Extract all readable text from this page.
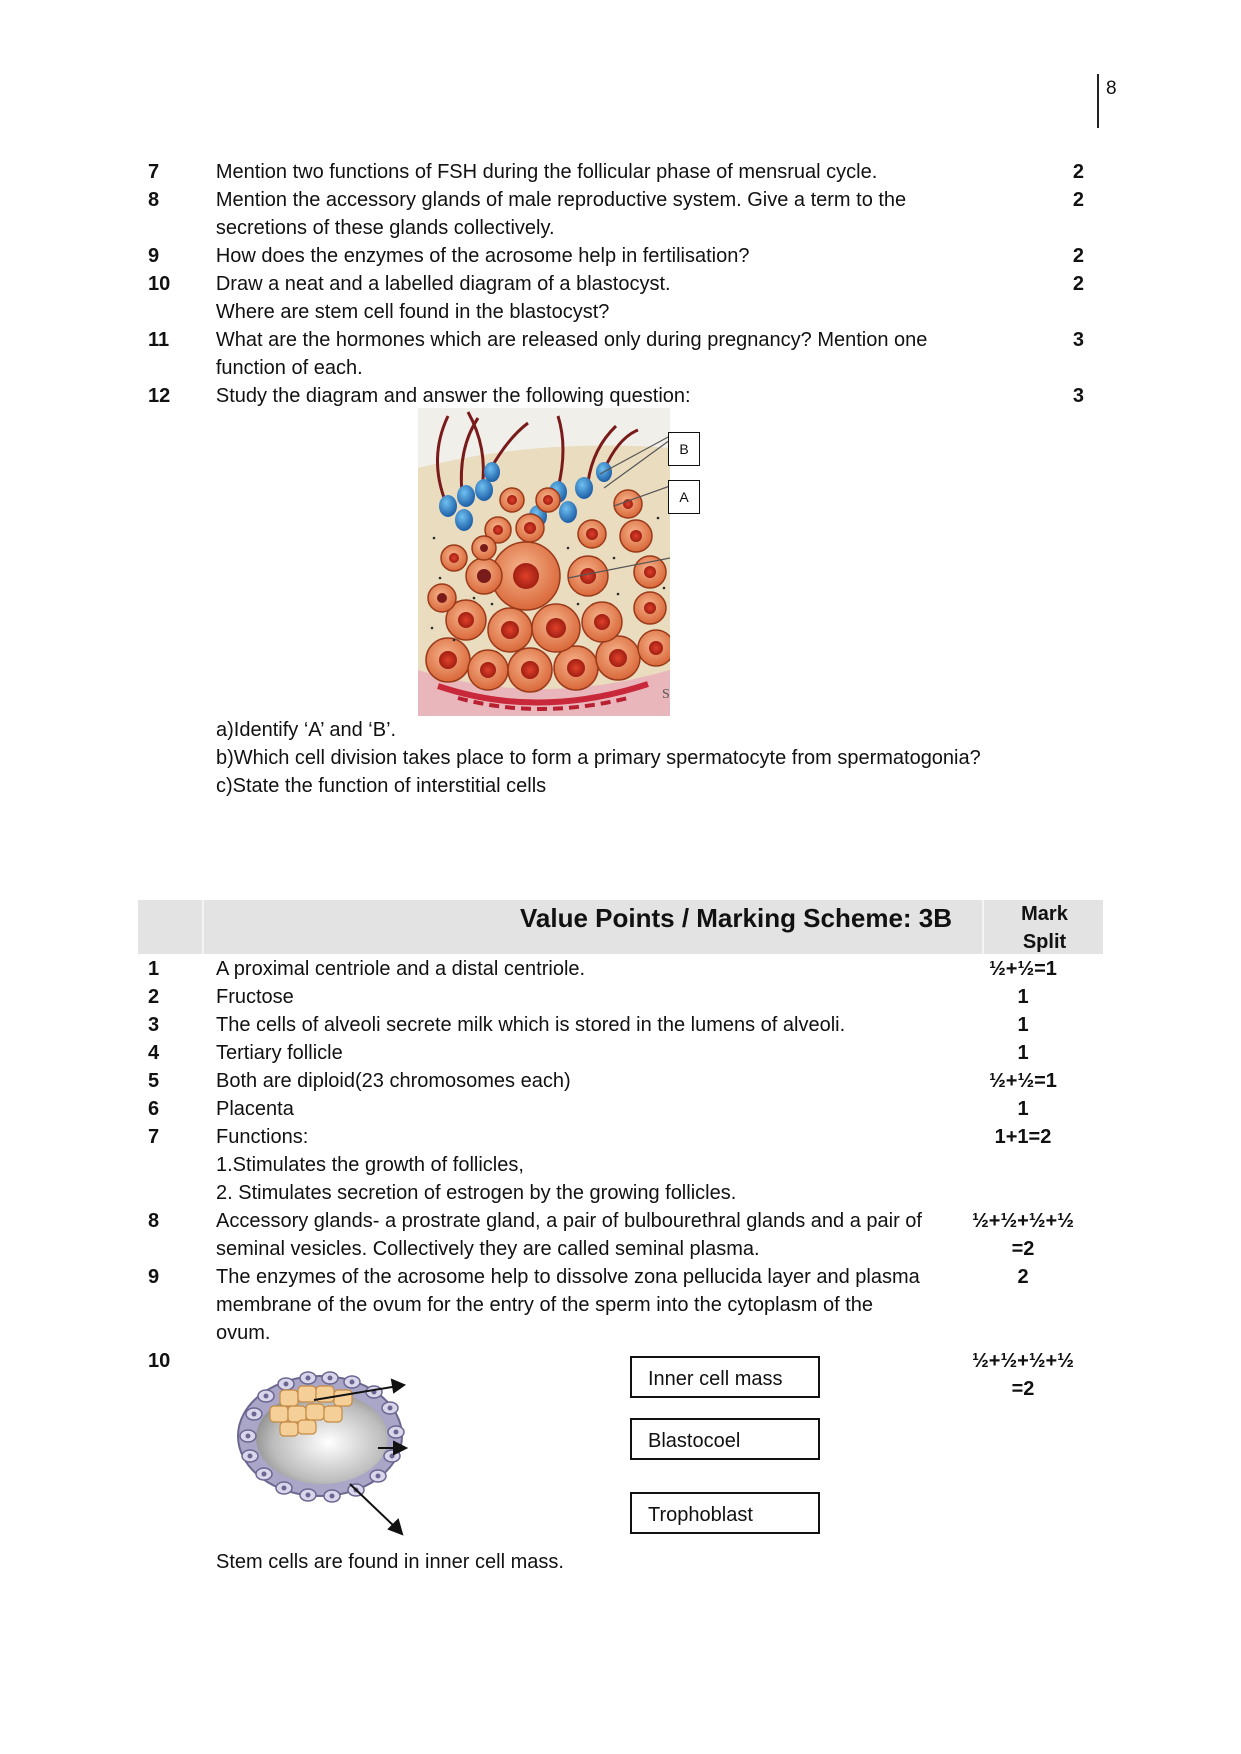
8
7	Mention two functions of FSH during the follicular phase of mensrual cycle.	2
8	Mention the accessory glands of male reproductive system. Give a term to the
secretions of these glands collectively.
2
9	How does the enzymes of the acrosome help in fertilisation?	2
10	Draw a neat and a labelled diagram of a blastocyst.
Where are stem cell found in the blastocyst?
2
11	What are the hormones which are released only during pregnancy? Mention one
function of each.
3
12	Study the diagram and answer the following question:	3
S
B
A
a)Identify ‘A’ and ‘B’.
b)Which cell division takes place to form a primary spermatocyte from spermatogonia?
c)State the function of interstitial cells
Value Points / Marking Scheme: 3B	Mark
Split
1	A proximal centriole and a distal centriole.	½+½=1
2	Fructose	1
3	The cells of alveoli secrete milk which is stored in the lumens of alveoli.	1
4	Tertiary follicle	1
5	Both are diploid(23 chromosomes each)	½+½=1
6	Placenta	1
7	Functions:
1.Stimulates the growth of follicles,
2. Stimulates secretion of estrogen by the growing follicles.
1+1=2
8	Accessory glands- a prostrate gland, a pair of bulbourethral glands and a pair of
seminal vesicles. Collectively they are called seminal plasma.
½+½+½+½
=2
9	The enzymes of the acrosome help to dissolve zona pellucida layer and plasma
membrane of the ovum for the entry of the sperm into the cytoplasm of the
ovum.
2
10	½+½+½+½
=2
Inner cell mass
Blastocoel
Trophoblast
Stem cells are found in inner cell mass.
